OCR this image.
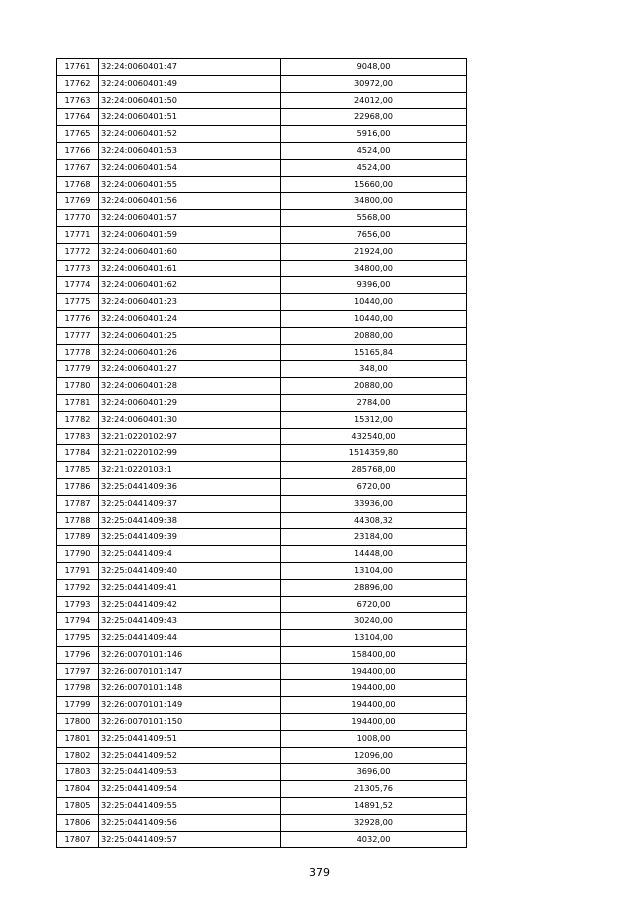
17761	32:24:0060401:47	9048,00
17762	32:24:0060401:49	30972,00
17763	32:24:0060401:50	24012,00
17764	32:24:0060401:51	22968,00
17765	32:24:0060401:52	5916,00
17766	32:24:0060401:53	4524,00
17767	32:24:0060401:54	4524,00
17768	32:24:0060401:55	15660,00
17769	32:24:0060401:56	34800,00
17770	32:24:0060401:57	5568,00
17771	32:24:0060401:59	7656,00
17772	32:24:0060401:60	21924,00
17773	32:24:0060401:61	34800,00
17774	32:24:0060401:62	9396,00
17775	32:24:0060401:23	10440,00
17776	32:24:0060401:24	10440,00
17777	32:24:0060401:25	20880,00
17778	32:24:0060401:26	15165,84
17779	32:24:0060401:27	348,00
17780	32:24:0060401:28	20880,00
17781	32:24:0060401:29	2784,00
17782	32:24:0060401:30	15312,00
17783	32:21:0220102:97	432540,00
17784	32:21:0220102:99	1514359,80
17785	32:21:0220103:1	285768,00
17786	32:25:0441409:36	6720,00
17787	32:25:0441409:37	33936,00
17788	32:25:0441409:38	44308,32
17789	32:25:0441409:39	23184,00
17790	32:25:0441409:4	14448,00
17791	32:25:0441409:40	13104,00
17792	32:25:0441409:41	28896,00
17793	32:25:0441409:42	6720,00
17794	32:25:0441409:43	30240,00
17795	32:25:0441409:44	13104,00
17796	32:26:0070101:146	158400,00
17797	32:26:0070101:147	194400,00
17798	32:26:0070101:148	194400,00
17799	32:26:0070101:149	194400,00
17800	32:26:0070101:150	194400,00
17801	32:25:0441409:51	1008,00
17802	32:25:0441409:52	12096,00
17803	32:25:0441409:53	3696,00
17804	32:25:0441409:54	21305,76
17805	32:25:0441409:55	14891,52
17806	32:25:0441409:56	32928,00
17807	32:25:0441409:57	4032,00
379
